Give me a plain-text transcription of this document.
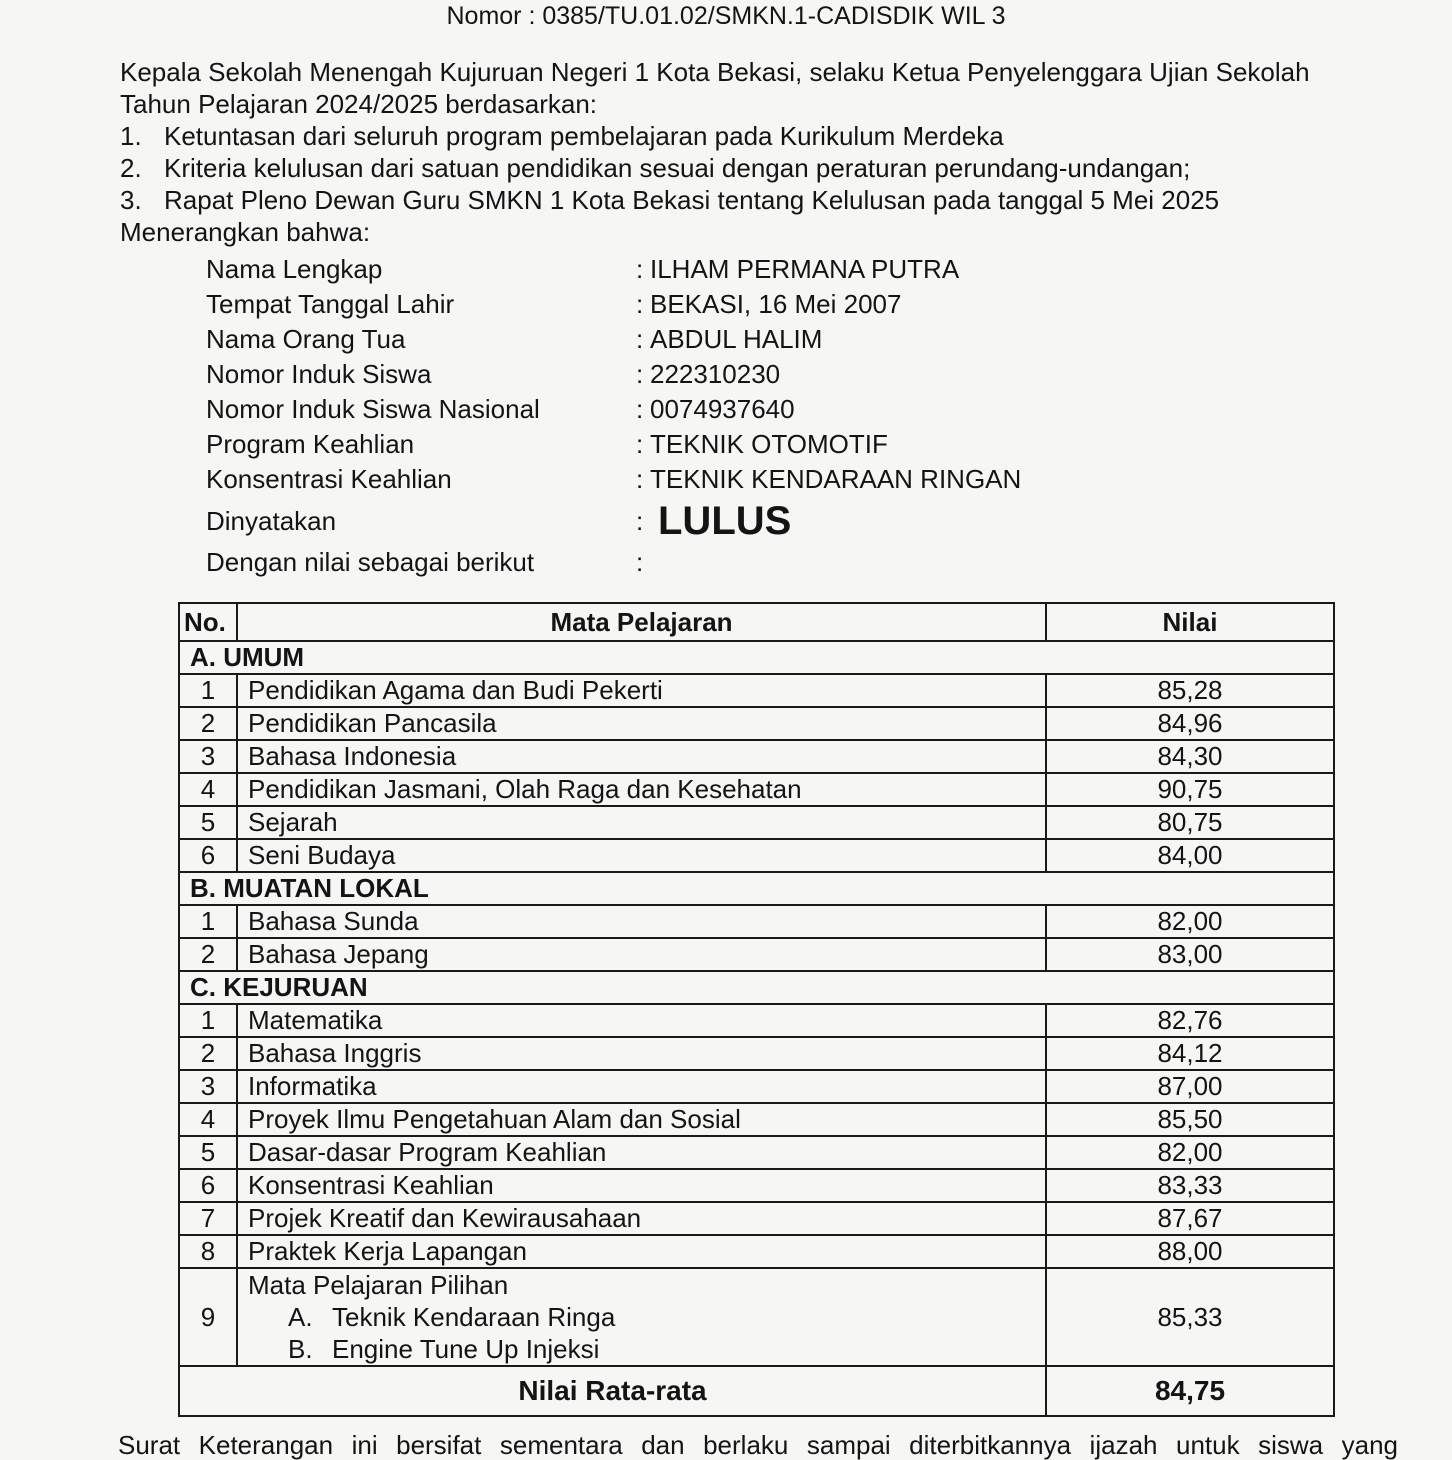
Nomor : 0385/TU.01.02/SMKN.1-CADISDIK WIL 3

Kepala Sekolah Menengah Kujuruan Negeri 1 Kota Bekasi, selaku Ketua Penyelenggara Ujian Sekolah

Tahun Pelajaran 2024/2025 berdasarkan:

1. Ketuntasan dari seluruh program pembelajaran pada Kurikulum Merdeka
2. Kriteria kelulusan dari satuan pendidikan sesuai dengan peraturan perundang-undangan;
3. Rapat Pleno Dewan Guru SMKN 1 Kota Bekasi tentang Kelulusan pada tanggal 5 Mei 2025

Menerangkan bahwa:

Nama Lengkap	: ILHAM PERMANA PUTRA
Tempat Tanggal Lahir	: BEKASI, 16 Mei 2007
Nama Orang Tua	: ABDUL HALIM
Nomor Induk Siswa	: 222310230
Nomor Induk Siswa Nasional	: 0074937640
Program Keahlian	: TEKNIK OTOMOTIF
Konsentrasi Keahlian	: TEKNIK KENDARAAN RINGAN
Dinyatakan	: LULUS
Dengan nilai sebagai berikut	:
No.	Mata Pelajaran	Nilai
A. UMUM		
1	Pendidikan Agama dan Budi Pekerti	85,28
2	Pendidikan Pancasila	84,96
3	Bahasa Indonesia	84,30
4	Pendidikan Jasmani, Olah Raga dan Kesehatan	90,75
5	Sejarah	80,75
6	Seni Budaya	84,00
B. MUATAN LOKAL		
1	Bahasa Sunda	82,00
2	Bahasa Jepang	83,00
C. KEJURUAN		
1	Matematika	82,76
2	Bahasa Inggris	84,12
3	Informatika	87,00
4	Proyek Ilmu Pengetahuan Alam dan Sosial	85,50
5	Dasar-dasar Program Keahlian	82,00
6	Konsentrasi Keahlian	83,33
7	Projek Kreatif dan Kewirausahaan	87,67
8	Praktek Kerja Lapangan	88,00
9	Mata Pelajaran Pilihan
A. Teknik Kendaraan Ringa
B. Engine Tune Up Injeksi	85,33
Nilai Rata-rata		84,75
Surat Keterangan ini bersifat sementara dan berlaku sampai diterbitkannya ijazah untuk siswa yang
